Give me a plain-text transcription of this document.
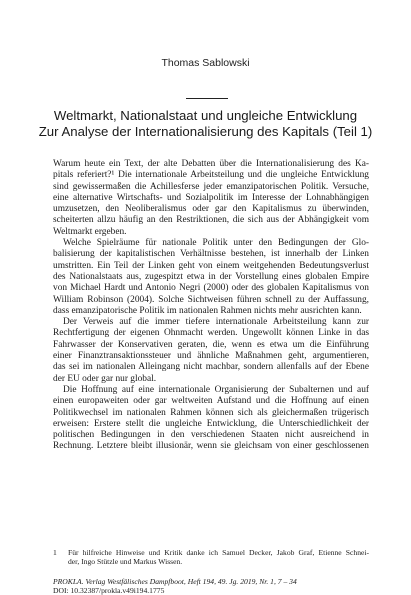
Thomas Sablowski
Weltmarkt, Nationalstaat und ungleiche Entwicklung
Zur Analyse der Internationalisierung des Kapitals (Teil 1)
Warum heute ein Text, der alte Debatten über die Internationalisierung des Ka-
pitals referiert?¹ Die internationale Arbeitsteilung und die ungleiche Entwicklung
sind gewissermaßen die Achillesferse jeder emanzipatorischen Politik. Versuche,
eine alternative Wirtschafts- und Sozialpolitik im Interesse der Lohnabhängigen
umzusetzen, den Neoliberalismus oder gar den Kapitalismus zu überwinden,
scheiterten allzu häufig an den Restriktionen, die sich aus der Abhängigkeit vom
Weltmarkt ergeben.
Welche Spielräume für nationale Politik unter den Bedingungen der Glo-
balisierung der kapitalistischen Verhältnisse bestehen, ist innerhalb der Linken
umstritten. Ein Teil der Linken geht von einem weitgehenden Bedeutungsverlust
des Nationalstaats aus, zugespitzt etwa in der Vorstellung eines globalen Empire
von Michael Hardt und Antonio Negri (2000) oder des globalen Kapitalismus von
William Robinson (2004). Solche Sichtweisen führen schnell zu der Auffassung,
dass emanzipatorische Politik im nationalen Rahmen nichts mehr ausrichten kann.
Der Verweis auf die immer tiefere internationale Arbeitsteilung kann zur
Rechtfertigung der eigenen Ohnmacht werden. Ungewollt können Linke in das
Fahrwasser der Konservativen geraten, die, wenn es etwa um die Einführung
einer Finanztransaktionssteuer und ähnliche Maßnahmen geht, argumentieren,
das sei im nationalen Alleingang nicht machbar, sondern allenfalls auf der Ebene
der EU oder gar nur global.
Die Hoffnung auf eine internationale Organisierung der Subalternen und auf
einen europaweiten oder gar weltweiten Aufstand und die Hoffnung auf einen
Politikwechsel im nationalen Rahmen können sich als gleichermaßen trügerisch
erweisen: Erstere stellt die ungleiche Entwicklung, die Unterschiedlichkeit der
politischen Bedingungen in den verschiedenen Staaten nicht ausreichend in
Rechnung. Letztere bleibt illusionär, wenn sie gleichsam von einer geschlossenen
1 Für hilfreiche Hinweise und Kritik danke ich Samuel Decker, Jakob Graf, Etienne Schnei-
der, Ingo Stützle und Markus Wissen.
PROKLA. Verlag Westfälisches Dampfboot, Heft 194, 49. Jg. 2019, Nr. 1, 7 – 34
DOI: 10.32387/prokla.v49i194.1775
